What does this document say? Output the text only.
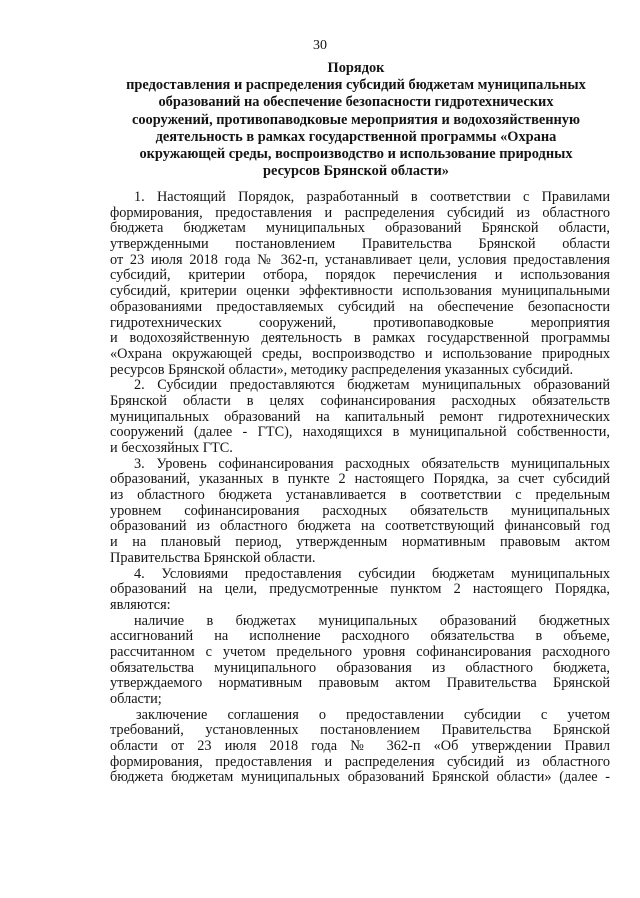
30
Порядок
предоставления и распределения субсидий бюджетам муниципальных
образований на обеспечение безопасности гидротехнических
сооружений, противопаводковые мероприятия и водохозяйственную
деятельность в рамках государственной программы «Охрана
окружающей среды, воспроизводство и использование природных
ресурсов Брянской области»
1. Настоящий Порядок, разработанный в соответствии с Правилами
формирования, предоставления и распределения субсидий из областного
бюджета бюджетам муниципальных образований Брянской области,
утвержденными постановлением Правительства Брянской области
от 23 июля 2018 года № 362-п, устанавливает цели, условия предоставления
субсидий, критерии отбора, порядок перечисления и использования
субсидий, критерии оценки эффективности использования муниципальными
образованиями предоставляемых субсидий на обеспечение безопасности
гидротехнических сооружений, противопаводковые мероприятия
и водохозяйственную деятельность в рамках государственной программы
«Охрана окружающей среды, воспроизводство и использование природных
ресурсов Брянской области», методику распределения указанных субсидий.
2. Субсидии предоставляются бюджетам муниципальных образований
Брянской области в целях софинансирования расходных обязательств
муниципальных образований на капитальный ремонт гидротехнических
сооружений (далее - ГТС), находящихся в муниципальной собственности,
и бесхозяйных ГТС.
3. Уровень софинансирования расходных обязательств муниципальных
образований, указанных в пункте 2 настоящего Порядка, за счет субсидий
из областного бюджета устанавливается в соответствии с предельным
уровнем софинансирования расходных обязательств муниципальных
образований из областного бюджета на соответствующий финансовый год
и на плановый период, утвержденным нормативным правовым актом
Правительства Брянской области.
4. Условиями предоставления субсидии бюджетам муниципальных
образований на цели, предусмотренные пунктом 2 настоящего Порядка,
являются:
наличие в бюджетах муниципальных образований бюджетных
ассигнований на исполнение расходного обязательства в объеме,
рассчитанном с учетом предельного уровня софинансирования расходного
обязательства муниципального образования из областного бюджета,
утверждаемого нормативным правовым актом Правительства Брянской
области;
заключение соглашения о предоставлении субсидии с учетом
требований, установленных постановлением Правительства Брянской
области от 23 июля 2018 года № 362-п «Об утверждении Правил
формирования, предоставления и распределения субсидий из областного
бюджета бюджетам муниципальных образований Брянской области» (далее -
